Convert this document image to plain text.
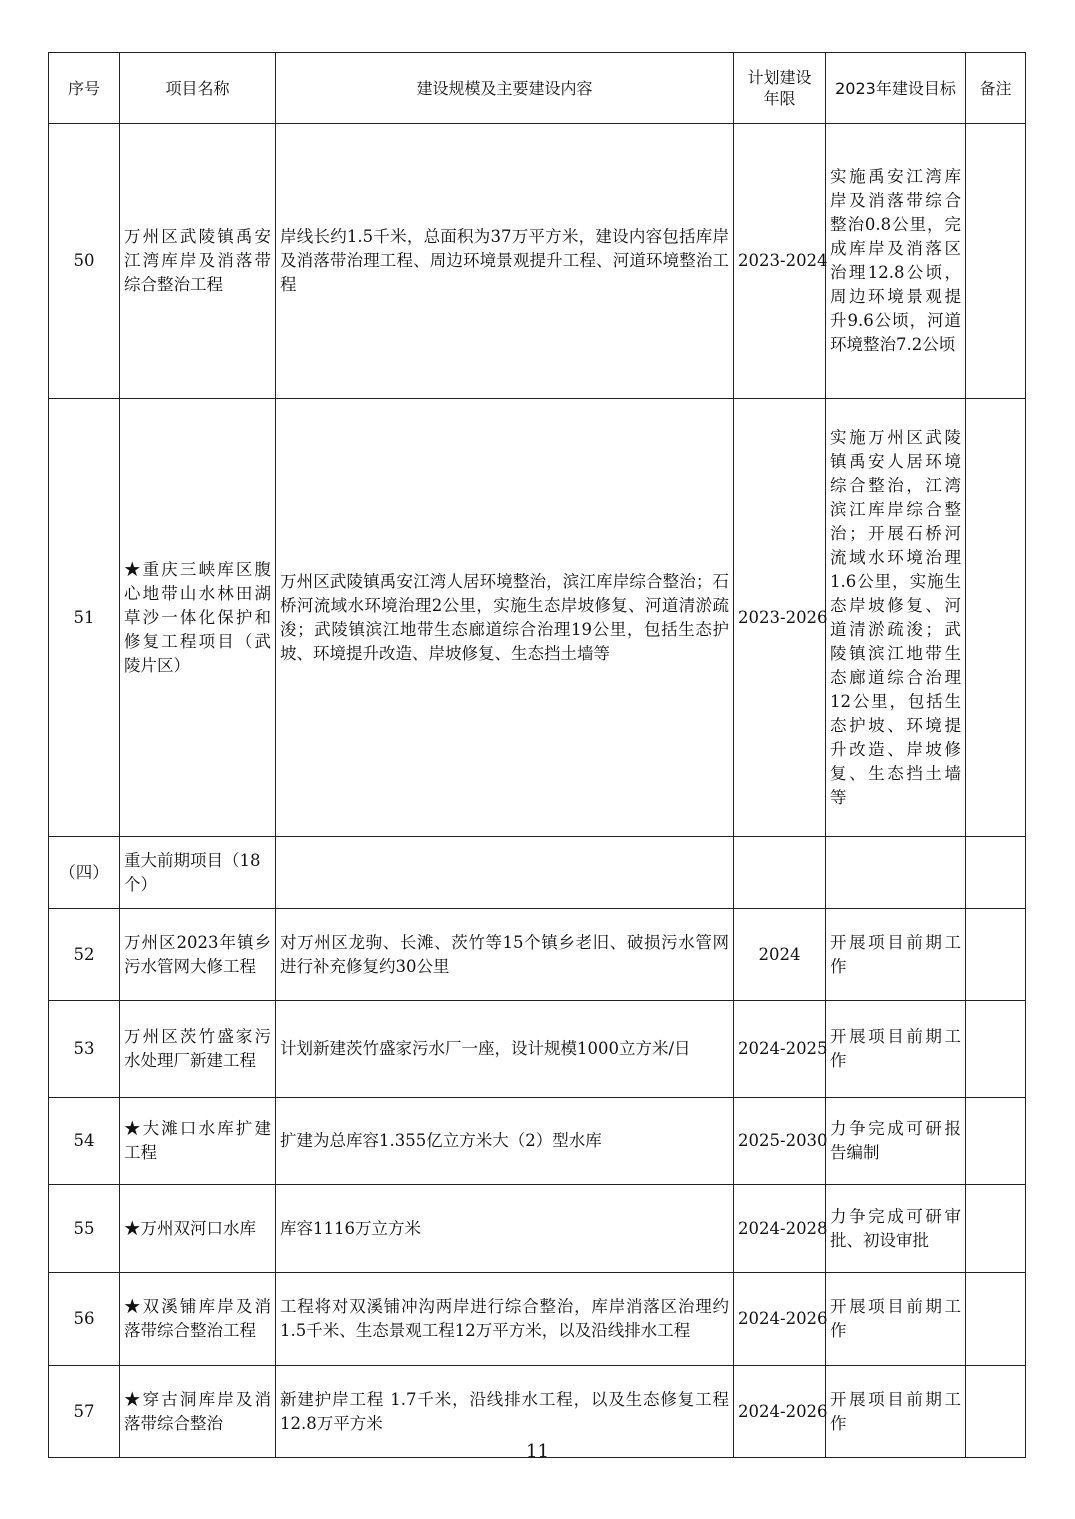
序号	项目名称	建设规模及主要建设内容	计划建设年限	2023年建设目标	备注
50	万州区武陵镇禹安江湾库岸及消落带综合整治工程	岸线长约1.5千米，总面积为37万平方米，建设内容包括库岸及消落带治理工程、周边环境景观提升工程、河道环境整治工程	2023-2024	实施禹安江湾库岸及消落带综合整治0.8公里，完成库岸及消落区治理12.8公顷，周边环境景观提升9.6公顷，河道环境整治7.2公顷	
51	★重庆三峡库区腹心地带山水林田湖草沙一体化保护和修复工程项目（武陵片区）	万州区武陵镇禹安江湾人居环境整治，滨江库岸综合整治；石桥河流域水环境治理2公里，实施生态岸坡修复、河道清淤疏浚；武陵镇滨江地带生态廊道综合治理19公里，包括生态护坡、环境提升改造、岸坡修复、生态挡土墙等	2023-2026	实施万州区武陵镇禹安人居环境综合整治，江湾滨江库岸综合整治；开展石桥河流域水环境治理1.6公里，实施生态岸坡修复、河道清淤疏浚；武陵镇滨江地带生态廊道综合治理12公里，包括生态护坡、环境提升改造、岸坡修复、生态挡土墙等	
（四）	重大前期项目（18个）				
52	万州区2023年镇乡污水管网大修工程	对万州区龙驹、长滩、茨竹等15个镇乡老旧、破损污水管网进行补充修复约30公里	2024	开展项目前期工作	
53	万州区茨竹盛家污水处理厂新建工程	计划新建茨竹盛家污水厂一座，设计规模1000立方米/日	2024-2025	开展项目前期工作	
54	★大滩口水库扩建工程	扩建为总库容1.355亿立方米大（2）型水库	2025-2030	力争完成可研报告编制	
55	★万州双河口水库	库容1116万立方米	2024-2028	力争完成可研审批、初设审批	
56	★双溪铺库岸及消落带综合整治工程	工程将对双溪铺冲沟两岸进行综合整治，库岸消落区治理约 1.5千米、生态景观工程12万平方米，以及沿线排水工程	2024-2026	开展项目前期工作	
57	★穿古洞库岸及消落带综合整治	新建护岸工程 1.7千米，沿线排水工程，以及生态修复工程12.8万平方米	2024-2026	开展项目前期工作	
11
